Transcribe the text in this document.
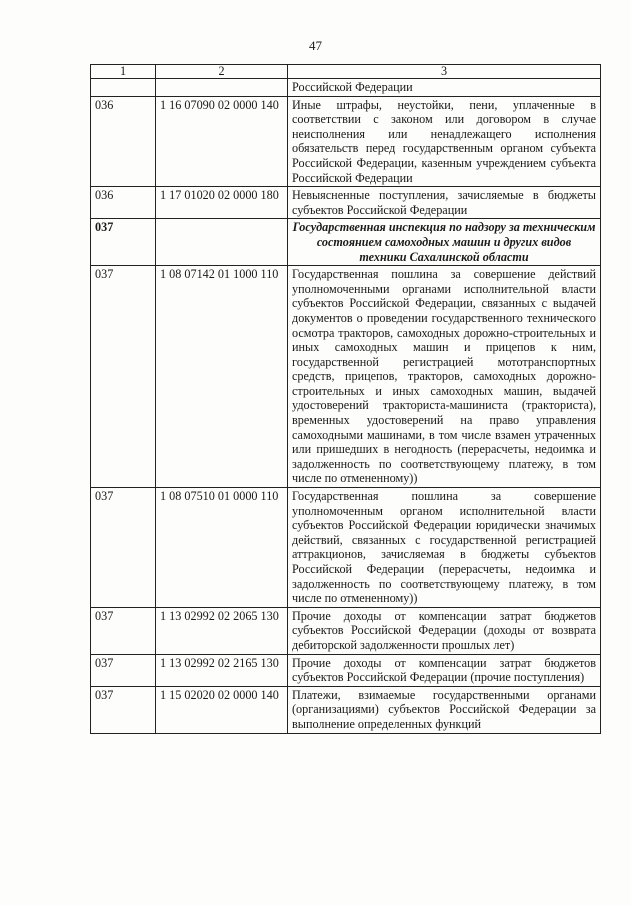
47
1	2	3
		Российской Федерации
036	1 16 07090 02 0000 140	Иные штрафы, неустойки, пени, уплаченные в соответствии с законом или договором в случае неисполнения или ненадлежащего исполнения обязательств перед государственным органом субъекта Российской Федерации, казенным учреждением субъекта Российской Федерации
036	1 17 01020 02 0000 180	Невыясненные поступления, зачисляемые в бюджеты субъектов Российской Федерации
037		Государственная инспекция по надзору за техническим состоянием самоходных машин и других видов техники Сахалинской области
037	1 08 07142 01 1000 110	Государственная пошлина за совершение действий уполномоченными органами исполнительной власти субъектов Российской Федерации, связанных с выдачей документов о проведении государственного технического осмотра тракторов, самоходных дорожно-строительных и иных самоходных машин и прицепов к ним, государственной регистрацией мототранспортных средств, прицепов, тракторов, самоходных дорожно-строительных и иных самоходных машин, выдачей удостоверений тракториста-машиниста (тракториста), временных удостоверений на право управления самоходными машинами, в том числе взамен утраченных или пришедших в негодность (перерасчеты, недоимка и задолженность по соответствующему платежу, в том числе по отмененному))
037	1 08 07510 01 0000 110	Государственная пошлина за совершение уполномоченным органом исполнительной власти субъектов Российской Федерации юридически значимых действий, связанных с государственной регистрацией аттракционов, зачисляемая в бюджеты субъектов Российской Федерации (перерасчеты, недоимка и задолженность по соответствующему платежу, в том числе по отмененному))
037	1 13 02992 02 2065 130	Прочие доходы от компенсации затрат бюджетов субъектов Российской Федерации (доходы от возврата дебиторской задолженности прошлых лет)
037	1 13 02992 02 2165 130	Прочие доходы от компенсации затрат бюджетов субъектов Российской Федерации (прочие поступления)
037	1 15 02020 02 0000 140	Платежи, взимаемые государственными органами (организациями) субъектов Российской Федерации за выполнение определенных функций
